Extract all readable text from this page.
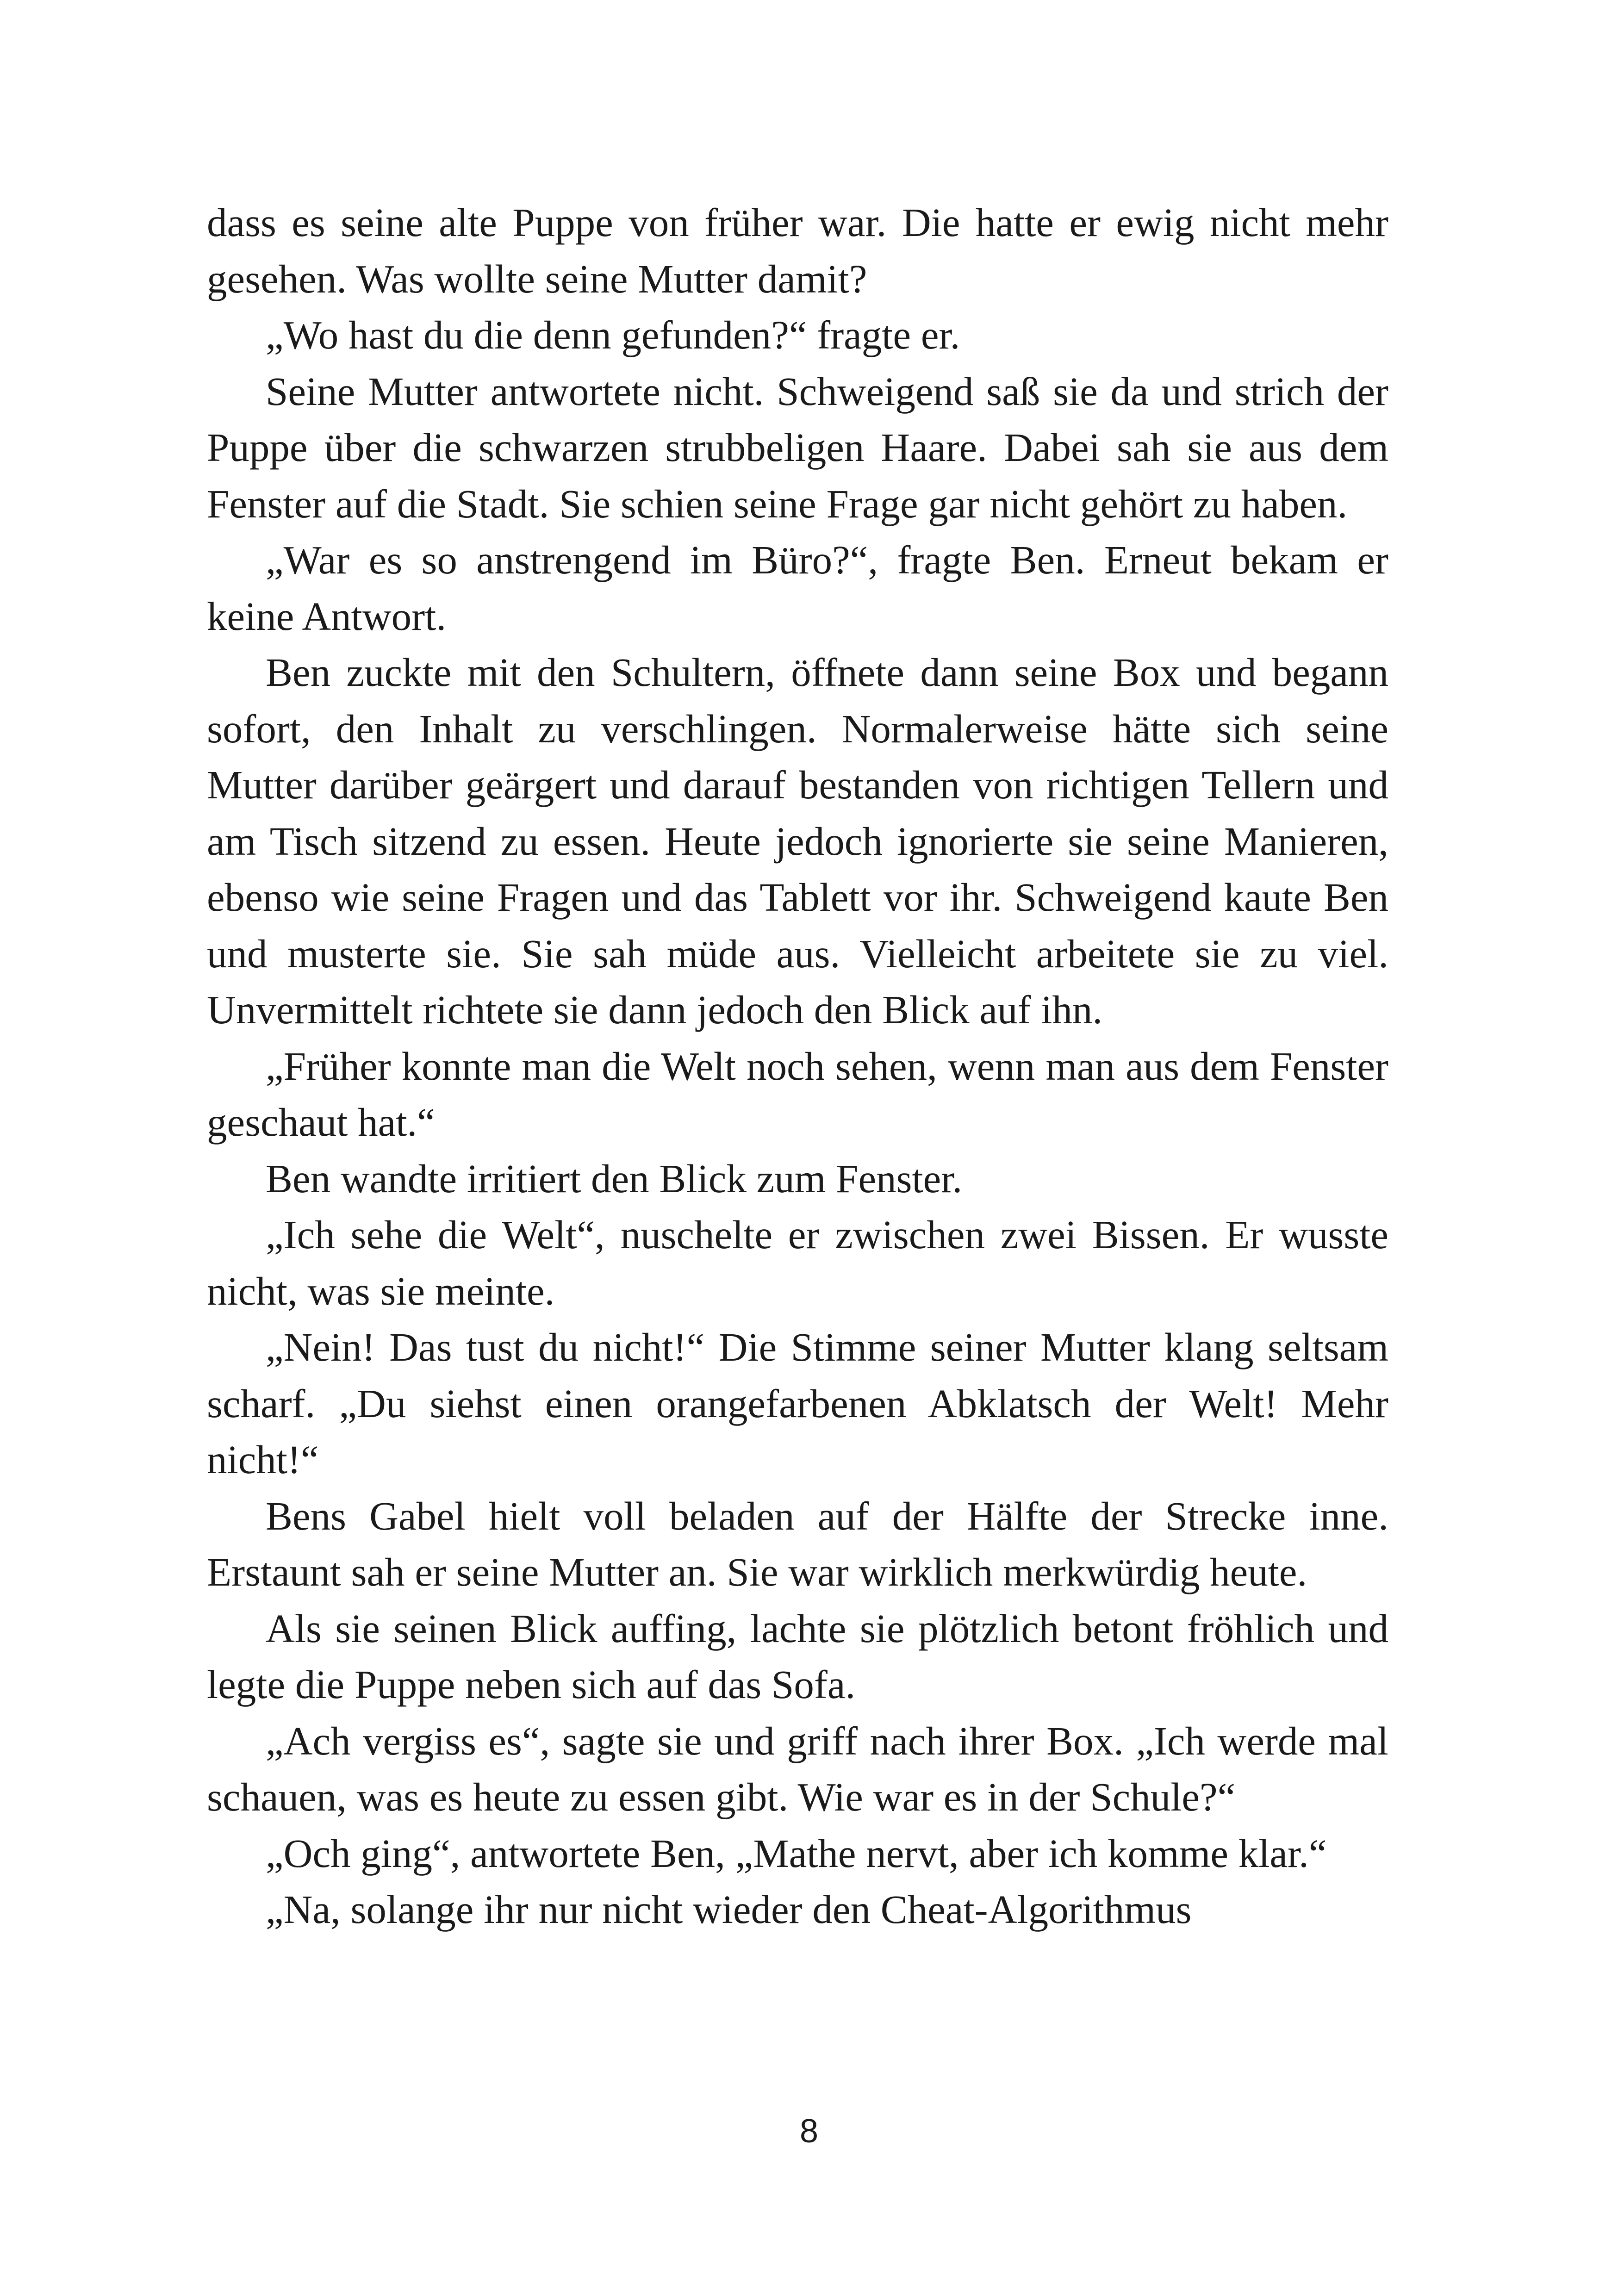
dass es seine alte Puppe von früher war. Die hatte er ewig nicht mehr gesehen. Was wollte seine Mutter damit?

„Wo hast du die denn gefunden?“ fragte er.

Seine Mutter antwortete nicht. Schweigend saß sie da und strich der Puppe über die schwarzen strubbeligen Haare. Dabei sah sie aus dem Fenster auf die Stadt. Sie schien seine Frage gar nicht gehört zu haben.

„War es so anstrengend im Büro?“, fragte Ben. Erneut bekam er keine Antwort.

Ben zuckte mit den Schultern, öffnete dann seine Box und begann sofort, den Inhalt zu verschlingen. Normalerweise hätte sich seine Mutter darüber geärgert und darauf bestanden von richtigen Tellern und am Tisch sitzend zu essen. Heute jedoch ignorierte sie seine Manieren, ebenso wie seine Fragen und das Tablett vor ihr. Schweigend kaute Ben und musterte sie. Sie sah müde aus. Vielleicht arbeitete sie zu viel. Unvermittelt richtete sie dann jedoch den Blick auf ihn.

„Früher konnte man die Welt noch sehen, wenn man aus dem Fenster geschaut hat.“

Ben wandte irritiert den Blick zum Fenster.

„Ich sehe die Welt“, nuschelte er zwischen zwei Bissen. Er wusste nicht, was sie meinte.

„Nein! Das tust du nicht!“ Die Stimme seiner Mutter klang seltsam scharf. „Du siehst einen orangefarbenen Abklatsch der Welt! Mehr nicht!“

Bens Gabel hielt voll beladen auf der Hälfte der Strecke inne. Erstaunt sah er seine Mutter an. Sie war wirklich merkwürdig heute.

Als sie seinen Blick auffing, lachte sie plötzlich betont fröhlich und legte die Puppe neben sich auf das Sofa.

„Ach vergiss es“, sagte sie und griff nach ihrer Box. „Ich werde mal schauen, was es heute zu essen gibt. Wie war es in der Schule?“

„Och ging“, antwortete Ben, „Mathe nervt, aber ich komme klar.“

„Na, solange ihr nur nicht wieder den Cheat-Algorithmus

8
